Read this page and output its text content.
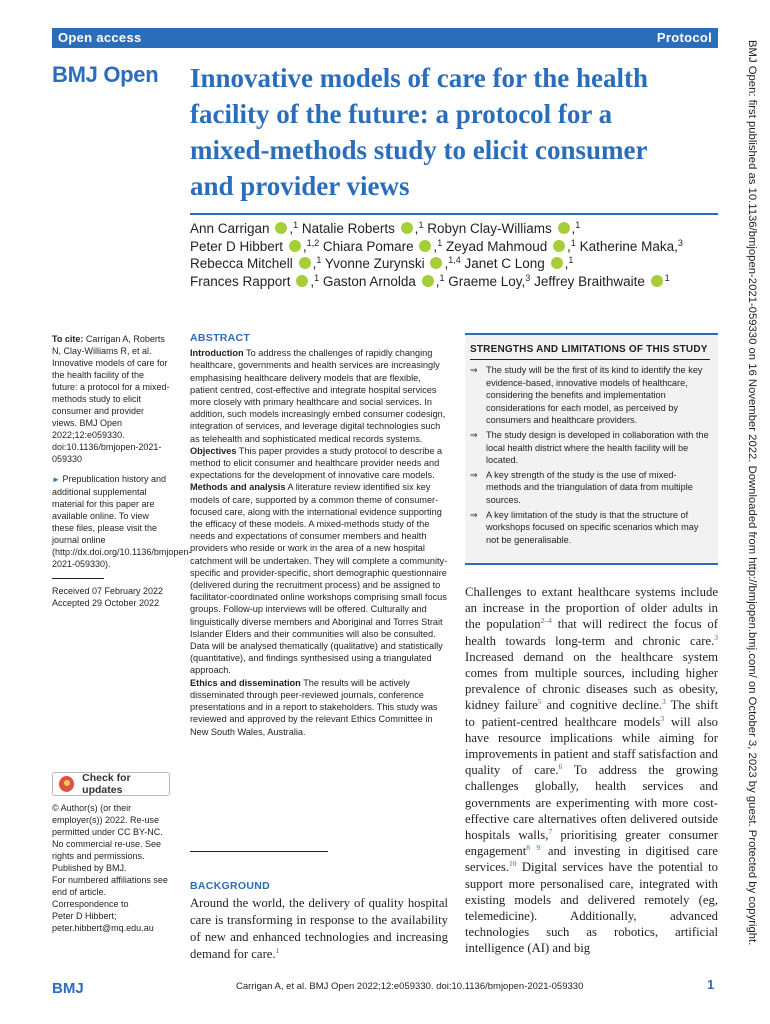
Open access	Protocol
BMJ Open Innovative models of care for the health
facility of the future: a protocol for a
mixed-methods study to elicit consumer
and provider views
Ann Carrigan ,$^1$ Natalie Roberts ,$^1$ Robyn Clay-Williams ,$^1$
Peter D Hibbert ,$^{1,2}$ Chiara Pomare ,$^1$ Zeyad Mahmoud ,$^1$ Katherine Maka,$^3$
Rebecca Mitchell ,$^1$ Yvonne Zurynski ,$^{1,4}$ Janet C Long ,$^1$
Frances Rapport ,$^1$ Gaston Arnolda ,$^1$ Graeme Loy,$^3$ Jeffrey Braithwaite $^1$
To cite: Carrigan A, Roberts N, Clay-Williams R, et al. Innovative models of care for the health facility of the future: a protocol for a mixed-methods study to elicit consumer and provider views. BMJ Open 2022;12:e059330. doi:10.1136/bmjopen-2021-059330
► Prepublication history and additional supplemental material for this paper are available online. To view these files, please visit the journal online (http://dx.doi.org/10.1136/bmjopen-2021-059330).
Received 07 February 2022
Accepted 29 October 2022
Check for updates
© Author(s) (or their employer(s)) 2022. Re-use permitted under CC BY-NC. No commercial re-use. See rights and permissions. Published by BMJ.
For numbered affiliations see end of article.
Correspondence to
Peter D Hibbert;
peter.hibbert@mq.edu.au
ABSTRACT

Introduction To address the challenges of rapidly changing healthcare, governments and health services are increasingly emphasising healthcare delivery models that are flexible, patient centred, cost-effective and integrate hospital services more closely with primary healthcare and social services. In addition, such models increasingly embed consumer codesign, integration of services, and leverage digital technologies such as telehealth and sophisticated medical records systems.

Objectives This paper provides a study protocol to describe a method to elicit consumer and healthcare provider needs and expectations for the development of innovative care models.

Methods and analysis A literature review identified six key models of care, supported by a common theme of consumer-focused care, along with the international evidence supporting the efficacy of these models. A mixed-methods study of the needs and expectations of consumer members and health providers who reside or work in the area of a new hospital catchment will be undertaken. They will complete a community-specific and provider-specific, short demographic questionnaire (delivered during the recruitment process) and be assigned to facilitator-coordinated online workshops comprising small focus groups. Follow-up interviews will be offered. Culturally and linguistically diverse members and Aboriginal and Torres Strait Islander Elders and their communities will also be consulted. Data will be analysed thematically (qualitative) and statistically (quantitative), and findings synthesised using a triangulated approach.

Ethics and dissemination The results will be actively disseminated through peer-reviewed journals, conference presentations and in a report to stakeholders. This study was reviewed and approved by the relevant Ethics Committee in New South Wales, Australia.

BACKGROUND
Around the world, the delivery of quality hospital care is transforming in response to the availability of new and enhanced technologies and increasing demand for care.$^1$
STRENGTHS AND LIMITATIONS OF THIS STUDY
⇒ The study will be the first of its kind to identify the key evidence-based, innovative models of healthcare, considering the benefits and implementation considerations for each model, as perceived by consumers and healthcare providers.
⇒ The study design is developed in collaboration with the local health district where the health facility will be located.
⇒ A key strength of the study is the use of mixed-methods and the triangulation of data from multiple sources.
⇒ A key limitation of the study is that the structure of workshops focused on specific scenarios which may not be generalisable.
Challenges to extant healthcare systems include an increase in the proportion of older adults in the population$^{2-4}$ that will redirect the focus of health towards long-term and chronic care.$^3$ Increased demand on the healthcare system comes from multiple sources, including higher prevalence of chronic diseases such as obesity, kidney failure$^5$ and cognitive decline.$^3$ The shift to patient-centred healthcare models$^3$ will also have resource implications while aiming for improvements in patient and staff satisfaction and quality of care.$^6$ To address the growing challenges globally, health services and governments are experimenting with more cost-effective care alternatives often delivered outside hospitals walls,$^7$ prioritising greater consumer engagement$^{8 9}$ and investing in digitised care services.$^{10}$ Digital services have the potential to support more personalised care, integrated with existing models and delivered remotely (eg, telemedicine). Additionally, advanced technologies such as robotics, artificial intelligence (AI) and big
BMJ Open: first published as 10.1136/bmjopen-2021-059330 on 16 November 2022. Downloaded from http://bmjopen.bmj.com/ on October 3, 2023 by guest. Protected by copyright.
BMJ	Carrigan A, et al. BMJ Open 2022;12:e059330. doi:10.1136/bmjopen-2021-059330	1
